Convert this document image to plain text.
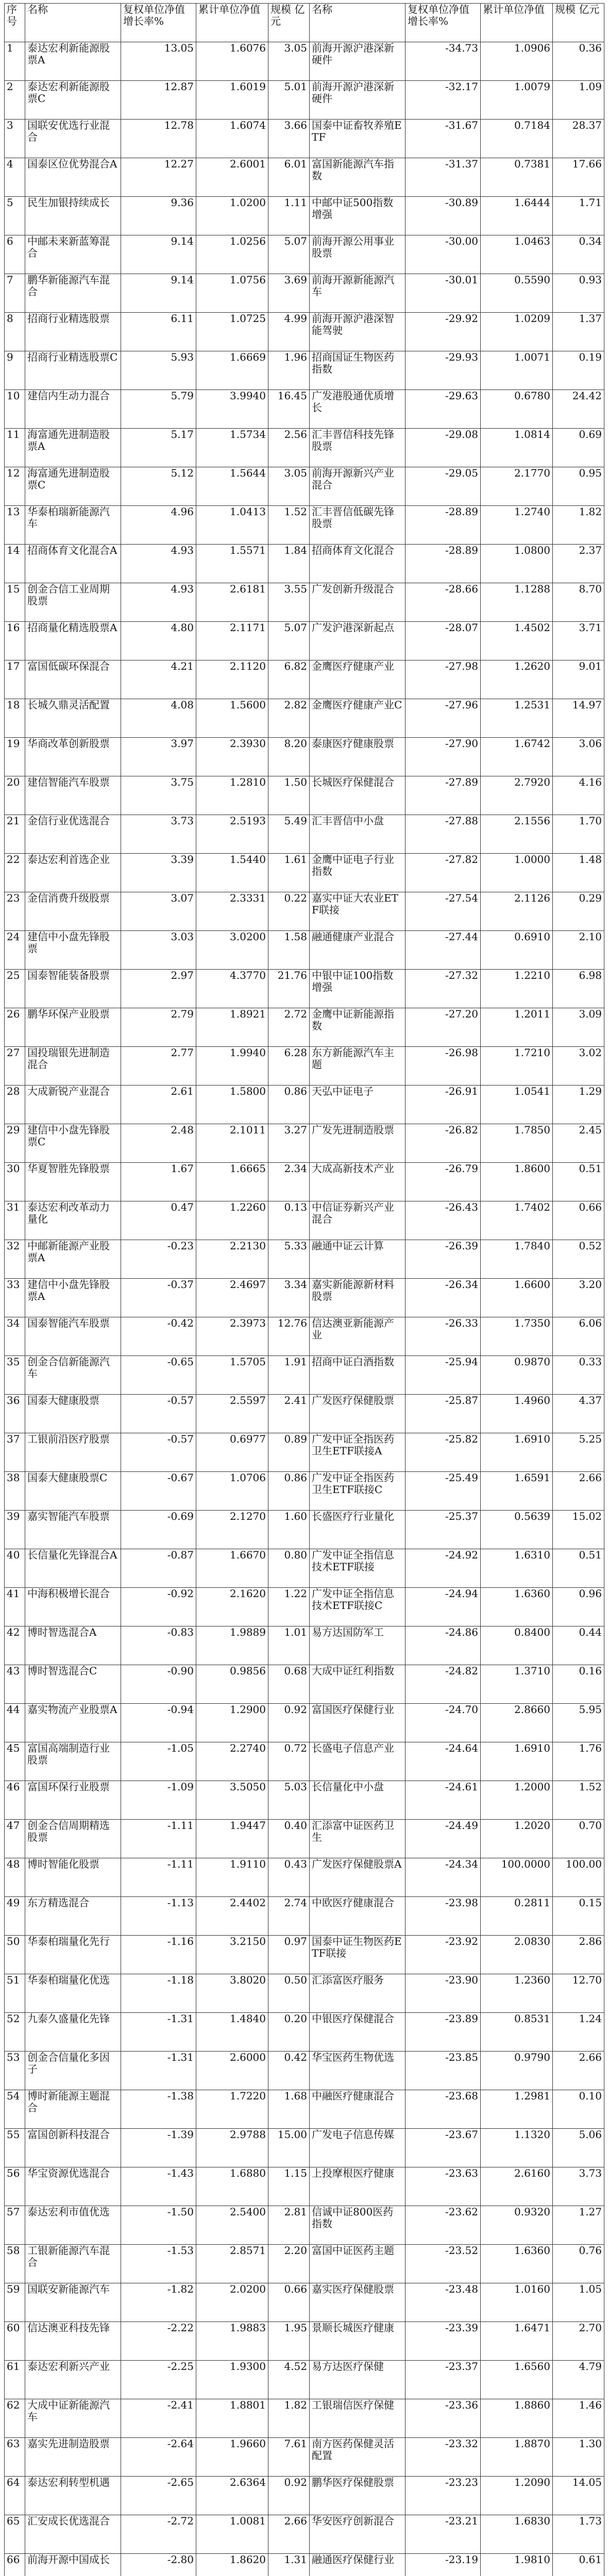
序号	名称	复权单位净值增长率%	累计单位净值	规模 亿元	名称	复权单位净值增长率%	累计单位净值	规模 亿元
1	泰达宏利新能源股票A	13.05	1.6076	3.05	前海开源沪港深新硬件	-34.73	1.0906	0.36
2	泰达宏利新能源股票C	12.87	1.6019	5.01	前海开源沪港深新硬件	-32.17	1.0079	1.09
3	国联安优选行业混合	12.78	1.6074	3.66	国泰中证畜牧养殖ETF	-31.67	0.7184	28.37
4	国泰区位优势混合A	12.27	2.6001	6.01	富国新能源汽车指数	-31.37	0.7381	17.66
5	民生加银持续成长	9.36	1.0200	1.11	中邮中证500指数增强	-30.89	1.6444	1.71
6	中邮未来新蓝筹混合	9.14	1.0256	5.07	前海开源公用事业股票	-30.00	1.0463	0.34
7	鹏华新能源汽车混合	9.14	1.0756	3.69	前海开源新能源汽车	-30.01	0.5590	0.93
8	招商行业精选股票	6.11	1.0725	4.99	前海开源沪港深智能驾驶	-29.92	1.0209	1.37
9	招商行业精选股票C	5.93	1.6669	1.96	招商国证生物医药指数	-29.93	1.0071	0.19
10	建信内生动力混合	5.79	3.9940	16.45	广发港股通优质增长	-29.63	0.6780	24.42
11	海富通先进制造股票A	5.17	1.5734	2.56	汇丰晋信科技先锋股票	-29.08	1.0814	0.69
12	海富通先进制造股票C	5.12	1.5644	3.05	前海开源新兴产业混合	-29.05	2.1770	0.95
13	华泰柏瑞新能源汽车	4.96	1.0413	1.52	汇丰晋信低碳先锋股票	-28.89	1.2740	1.82
14	招商体育文化混合A	4.93	1.5571	1.84	招商体育文化混合	-28.89	1.0800	2.37
15	创金合信工业周期股票	4.93	2.6181	3.55	广发创新升级混合	-28.66	1.1288	8.70
16	招商量化精选股票A	4.80	2.1171	5.07	广发沪港深新起点	-28.07	1.4502	3.71
17	富国低碳环保混合	4.21	2.1120	6.82	金鹰医疗健康产业	-27.98	1.2620	9.01
18	长城久鼎灵活配置	4.08	1.5600	2.82	金鹰医疗健康产业C	-27.96	1.2531	14.97
19	华商改革创新股票	3.97	2.3930	8.20	泰康医疗健康股票	-27.90	1.6742	3.06
20	建信智能汽车股票	3.75	1.2810	1.50	长城医疗保健混合	-27.89	2.7920	4.16
21	金信行业优选混合	3.73	2.5193	5.49	汇丰晋信中小盘	-27.88	2.1556	1.70
22	泰达宏利首选企业	3.39	1.5440	1.61	金鹰中证电子行业指数	-27.82	1.0000	1.48
23	金信消费升级股票	3.07	2.3331	0.22	嘉实中证大农业ETF联接	-27.54	2.1126	0.29
24	建信中小盘先锋股票	3.03	3.0200	1.58	融通健康产业混合	-27.44	0.6910	2.10
25	国泰智能装备股票	2.97	4.3770	21.76	中银中证100指数增强	-27.32	1.2210	6.98
26	鹏华环保产业股票	2.79	1.8921	2.72	金鹰中证新能源指数	-27.20	1.2011	3.09
27	国投瑞银先进制造混合	2.77	1.9940	6.28	东方新能源汽车主题	-26.98	1.7210	3.02
28	大成新锐产业混合	2.61	1.5800	0.86	天弘中证电子	-26.91	1.0541	1.29
29	建信中小盘先锋股票C	2.48	2.1011	3.27	广发先进制造股票	-26.82	1.7850	2.45
30	华夏智胜先锋股票	1.67	1.6665	2.34	大成高新技术产业	-26.79	1.8600	0.51
31	泰达宏利改革动力量化	0.47	1.2260	0.13	中信证券新兴产业混合	-26.43	1.7402	0.66
32	中邮新能源产业股票A	-0.23	2.2130	5.33	融通中证云计算	-26.39	1.7840	0.52
33	建信中小盘先锋股票A	-0.37	2.4697	3.34	嘉实新能源新材料股票	-26.34	1.6600	3.20
34	国泰智能汽车股票	-0.42	2.3973	12.76	信达澳亚新能源产业	-26.33	1.7350	6.06
35	创金合信新能源汽车	-0.65	1.5705	1.91	招商中证白酒指数	-25.94	0.9870	0.33
36	国泰大健康股票	-0.57	2.5597	2.41	广发医疗保健股票	-25.87	1.4960	4.37
37	工银前沿医疗股票	-0.57	0.6977	0.89	广发中证全指医药卫生ETF联接A	-25.82	1.6910	5.25
38	国泰大健康股票C	-0.67	1.0706	0.86	广发中证全指医药卫生ETF联接C	-25.49	1.6591	2.66
39	嘉实智能汽车股票	-0.69	2.1270	1.60	长盛医疗行业量化	-25.37	0.5639	15.02
40	长信量化先锋混合A	-0.87	1.6670	0.80	广发中证全指信息技术ETF联接	-24.92	1.6310	0.51
41	中海积极增长混合	-0.92	2.1620	1.22	广发中证全指信息技术ETF联接C	-24.94	1.6360	0.96
42	博时智选混合A	-0.83	1.9889	1.01	易方达国防军工	-24.86	0.8400	0.44
43	博时智选混合C	-0.90	0.9856	0.68	大成中证红利指数	-24.82	1.3710	0.16
44	嘉实物流产业股票A	-0.94	1.2900	0.92	富国医疗保健行业	-24.70	2.8660	5.95
45	富国高端制造行业股票	-1.05	2.2740	0.72	长盛电子信息产业	-24.64	1.6910	1.76
46	富国环保行业股票	-1.09	3.5050	5.03	长信量化中小盘	-24.61	1.2000	1.52
47	创金合信周期精选股票	-1.11	1.9447	0.40	汇添富中证医药卫生	-24.49	1.2020	0.70
48	博时智能化股票	-1.11	1.9110	0.43	广发医疗保健股票A	-24.34	100.0000	100.00
49	东方精选混合	-1.13	2.4402	2.74	中欧医疗健康混合	-23.98	0.2811	0.15
50	华泰柏瑞量化先行	-1.16	3.2150	0.97	国泰中证生物医药ETF联接	-23.92	2.0830	2.86
51	华泰柏瑞量化优选	-1.18	3.8020	0.50	汇添富医疗服务	-23.90	1.2360	12.70
52	九泰久盛量化先锋	-1.31	1.4840	0.20	中银医疗保健混合	-23.89	0.8531	1.24
53	创金合信量化多因子	-1.31	2.6000	0.42	华宝医药生物优选	-23.85	0.9790	2.66
54	博时新能源主题混合	-1.38	1.7220	1.68	中融医疗健康混合	-23.68	1.2981	0.10
55	富国创新科技混合	-1.39	2.9788	15.00	广发电子信息传媒	-23.67	1.1320	5.06
56	华宝资源优选混合	-1.43	1.6880	1.15	上投摩根医疗健康	-23.63	2.6160	3.73
57	泰达宏利市值优选	-1.50	2.5400	2.81	信诚中证800医药指数	-23.62	0.9320	1.27
58	工银新能源汽车混合	-1.53	2.8571	2.20	富国中证医药主题	-23.52	1.6360	0.76
59	国联安新能源汽车	-1.82	2.0200	0.66	嘉实医疗保健股票	-23.48	1.0160	1.05
60	信达澳亚科技先锋	-2.22	1.9883	1.95	景顺长城医疗健康	-23.39	1.6471	2.70
61	泰达宏利新兴产业	-2.25	1.9300	4.52	易方达医疗保健	-23.37	1.6560	4.79
62	大成中证新能源汽车	-2.41	1.8801	1.82	工银瑞信医疗保健	-23.36	1.8860	1.46
63	嘉实先进制造股票	-2.64	1.9660	7.61	南方医药保健灵活配置	-23.32	1.8870	1.30
64	泰达宏利转型机遇	-2.65	2.6364	0.92	鹏华医疗保健股票	-23.23	1.2090	14.05
65	汇安成长优选混合	-2.72	1.0081	2.66	华安医疗创新混合	-23.21	1.6830	1.73
66	前海开源中国成长	-2.80	1.8620	1.31	融通医疗保健行业	-23.19	1.9810	0.61
